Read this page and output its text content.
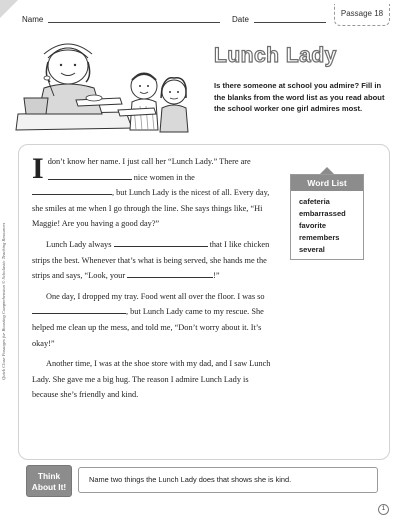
Name	Date
Passage 18
Lunch Lady
Is there someone at school you admire? Fill in the blanks from the word list as you read about the school worker one girl admires most.

I don’t know her name. I just call her “Lunch Lady.” There are  nice women in the , but Lunch Lady is the nicest of all. Every day, she smiles at me when I go through the line. She says things like, “Hi Maggie! Are you having a good day?”

Lunch Lady always	that I like chicken strips the best. Whenever that’s what is being served, she hands me the strips and says, “Look, your	!”

One day, I dropped my tray. Food went all over the floor. I was so , but Lunch Lady came to my rescue. She helped me clean up the mess, and told me, “Don’t worry about it. It’s okay!”

Another time, I was at the shoe store with my dad, and I saw Lunch Lady. She gave me a big hug. The reason I admire Lunch Lady is because she’s friendly and kind.

Word List
cafeteria
embarrassed
favorite
remembers
several
Think
About It!
Name two things the Lunch Lady does that shows she is kind.
Quick Close Passages for Boosting Comprehension © Scholastic Teaching Resources
1
